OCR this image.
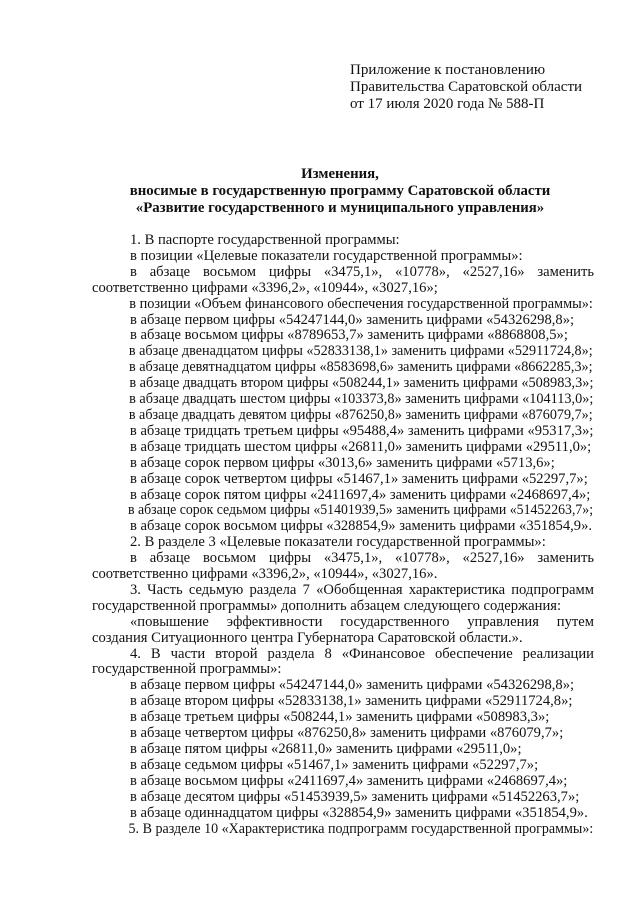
Приложение к постановлению
Правительства Саратовской области
от 17 июля 2020 года № 588-П
Изменения,
вносимые в государственную программу Саратовской области
«Развитие государственного и муниципального управления»
1. В паспорте государственной программы:
в позиции «Целевые показатели государственной программы»:
в абзаце восьмом цифры «3475,1», «10778», «2527,16» заменить
соответственно цифрами «3396,2», «10944», «3027,16»;
в позиции «Объем финансового обеспечения государственной программы»:
в абзаце первом цифры «54247144,0» заменить цифрами «54326298,8»;
в абзаце восьмом цифры «8789653,7» заменить цифрами «8868808,5»;
в абзаце двенадцатом цифры «52833138,1» заменить цифрами «52911724,8»;
в абзаце девятнадцатом цифры «8583698,6» заменить цифрами «8662285,3»;
в абзаце двадцать втором цифры «508244,1» заменить цифрами «508983,3»;
в абзаце двадцать шестом цифры «103373,8» заменить цифрами «104113,0»;
в абзаце двадцать девятом цифры «876250,8» заменить цифрами «876079,7»;
в абзаце тридцать третьем цифры «95488,4» заменить цифрами «95317,3»;
в абзаце тридцать шестом цифры «26811,0» заменить цифрами «29511,0»;
в абзаце сорок первом цифры «3013,6» заменить цифрами «5713,6»;
в абзаце сорок четвертом цифры «51467,1» заменить цифрами «52297,7»;
в абзаце сорок пятом цифры «2411697,4» заменить цифрами «2468697,4»;
в абзаце сорок седьмом цифры «51401939,5» заменить цифрами «51452263,7»;
в абзаце сорок восьмом цифры «328854,9» заменить цифрами «351854,9».
2. В разделе 3 «Целевые показатели государственной программы»:
в абзаце восьмом цифры «3475,1», «10778», «2527,16» заменить
соответственно цифрами «3396,2», «10944», «3027,16».
3. Часть седьмую раздела 7 «Обобщенная характеристика подпрограмм
государственной программы» дополнить абзацем следующего содержания:
«повышение эффективности государственного управления путем
создания Ситуационного центра Губернатора Саратовской области.».
4. В части второй раздела 8 «Финансовое обеспечение реализации
государственной программы»:
в абзаце первом цифры «54247144,0» заменить цифрами «54326298,8»;
в абзаце втором цифры «52833138,1» заменить цифрами «52911724,8»;
в абзаце третьем цифры «508244,1» заменить цифрами «508983,3»;
в абзаце четвертом цифры «876250,8» заменить цифрами «876079,7»;
в абзаце пятом цифры «26811,0» заменить цифрами «29511,0»;
в абзаце седьмом цифры «51467,1» заменить цифрами «52297,7»;
в абзаце восьмом цифры «2411697,4» заменить цифрами «2468697,4»;
в абзаце десятом цифры «51453939,5» заменить цифрами «51452263,7»;
в абзаце одиннадцатом цифры «328854,9» заменить цифрами «351854,9».
5. В разделе 10 «Характеристика подпрограмм государственной программы»:
